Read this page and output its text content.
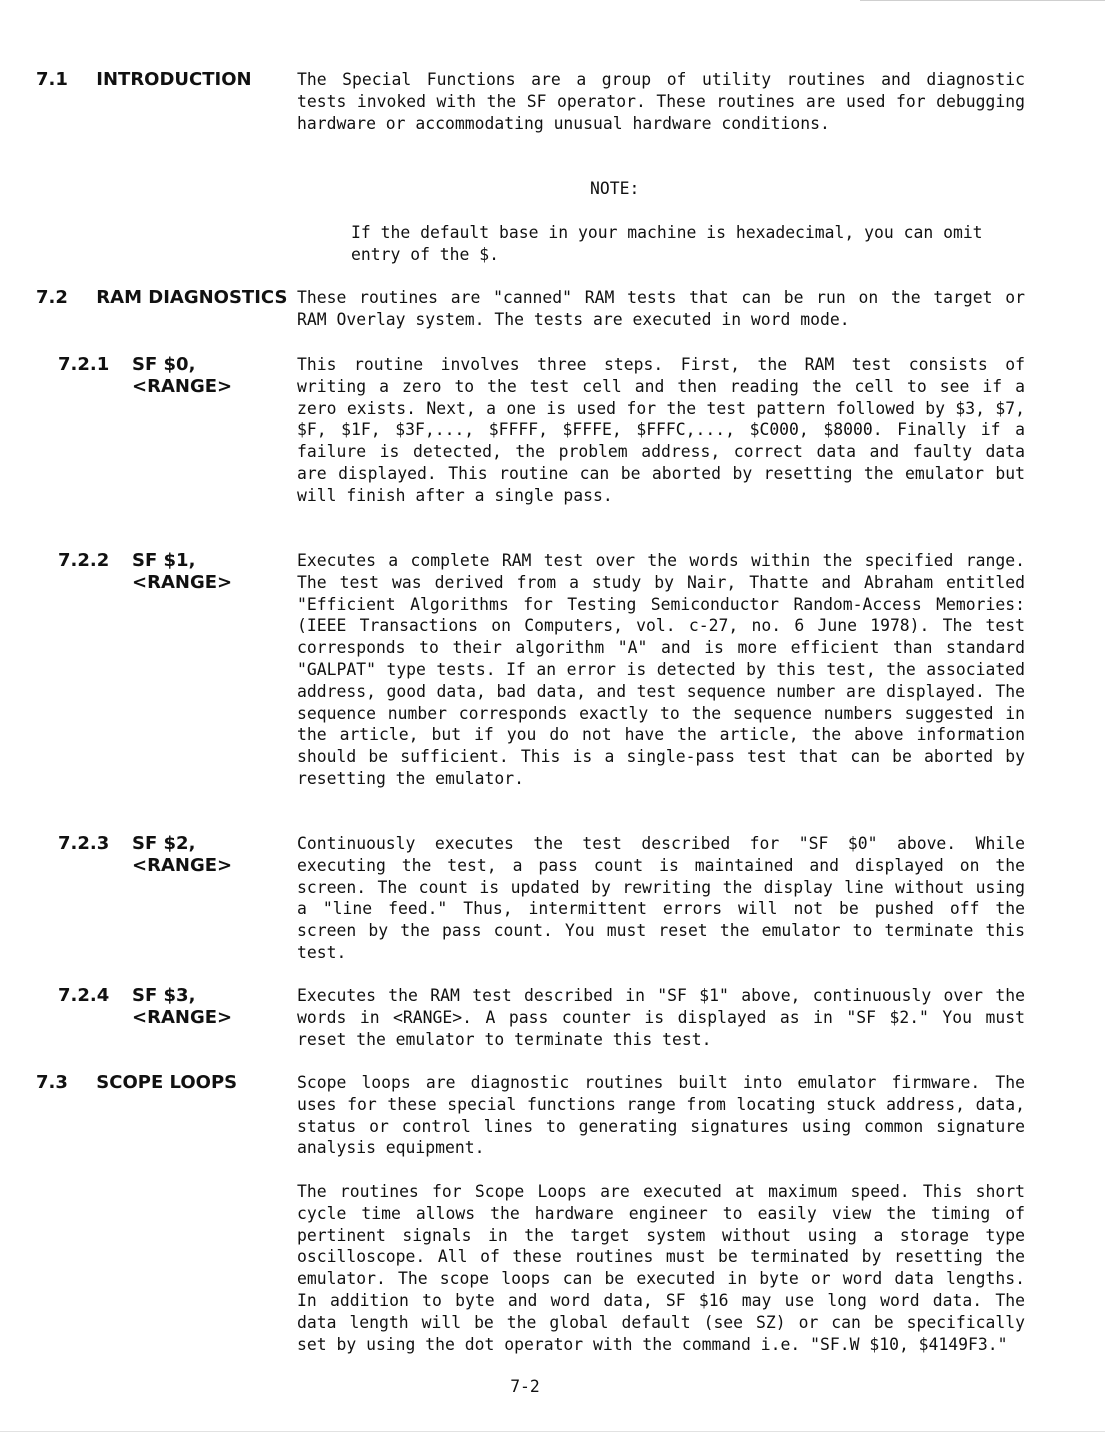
7.1 INTRODUCTION	The Special Functions are a group of utility routines and diagnostic tests invoked with the SF operator. These routines are used for debugging hardware or accommodating unusual hardware conditions.

NOTE:
If the default base in your machine is hexadecimal, you can omit entry of the $.
7.2 RAM DIAGNOSTICS These routines are "canned" RAM tests that can be run on the target or RAM Overlay system. The tests are executed in word mode.

7.2.1 SF $0,
<RANGE>

This routine involves three steps. First, the RAM test consists of writing a zero to the test cell and then reading the cell to see if a zero exists. Next, a one is used for the test pattern followed by $3, $7, $F, $1F, $3F,..., $FFFF, $FFFE, $FFFC,..., $C000, $8000. Finally if a failure is detected, the problem address, correct data and faulty data are displayed. This routine can be aborted by resetting the emulator but will finish after a single pass.

7.2.2 SF $1,
<RANGE>

Executes a complete RAM test over the words within the specified range. The test was derived from a study by Nair, Thatte and Abraham entitled "Efficient Algorithms for Testing Semiconductor Random-Access Memories: (IEEE Transactions on Computers, vol. c-27, no. 6 June 1978). The test corresponds to their algorithm "A" and is more efficient than standard "GALPAT" type tests. If an error is detected by this test, the associated address, good data, bad data, and test sequence number are displayed. The sequence number corresponds exactly to the sequence numbers suggested in the article, but if you do not have the article, the above information should be sufficient. This is a single-pass test that can be aborted by resetting the emulator.

7.2.3 SF $2,
<RANGE>

Continuously executes the test described for "SF $0" above. While executing the test, a pass count is maintained and displayed on the screen. The count is updated by rewriting the display line without using a "line feed." Thus, intermittent errors will not be pushed off the screen by the pass count. You must reset the emulator to terminate this test.

7.2.4 SF $3,
<RANGE>

Executes the RAM test described in "SF $1" above, continuously over the words in <RANGE>. A pass counter is displayed as in "SF $2." You must reset the emulator to terminate this test.

7.3 SCOPE LOOPS	Scope loops are diagnostic routines built into emulator firmware. The uses for these special functions range from locating stuck address, data, status or control lines to generating signatures using common signature analysis equipment.

The routines for Scope Loops are executed at maximum speed. This short cycle time allows the hardware engineer to easily view the timing of pertinent signals in the target system without using a storage type oscilloscope. All of these routines must be terminated by resetting the emulator. The scope loops can be executed in byte or word data lengths. In addition to byte and word data, SF $16 may use long word data. The data length will be the global default (see SZ) or can be specifically set by using the dot operator with the command i.e. "SF.W $10, $4149F3."

7-2
